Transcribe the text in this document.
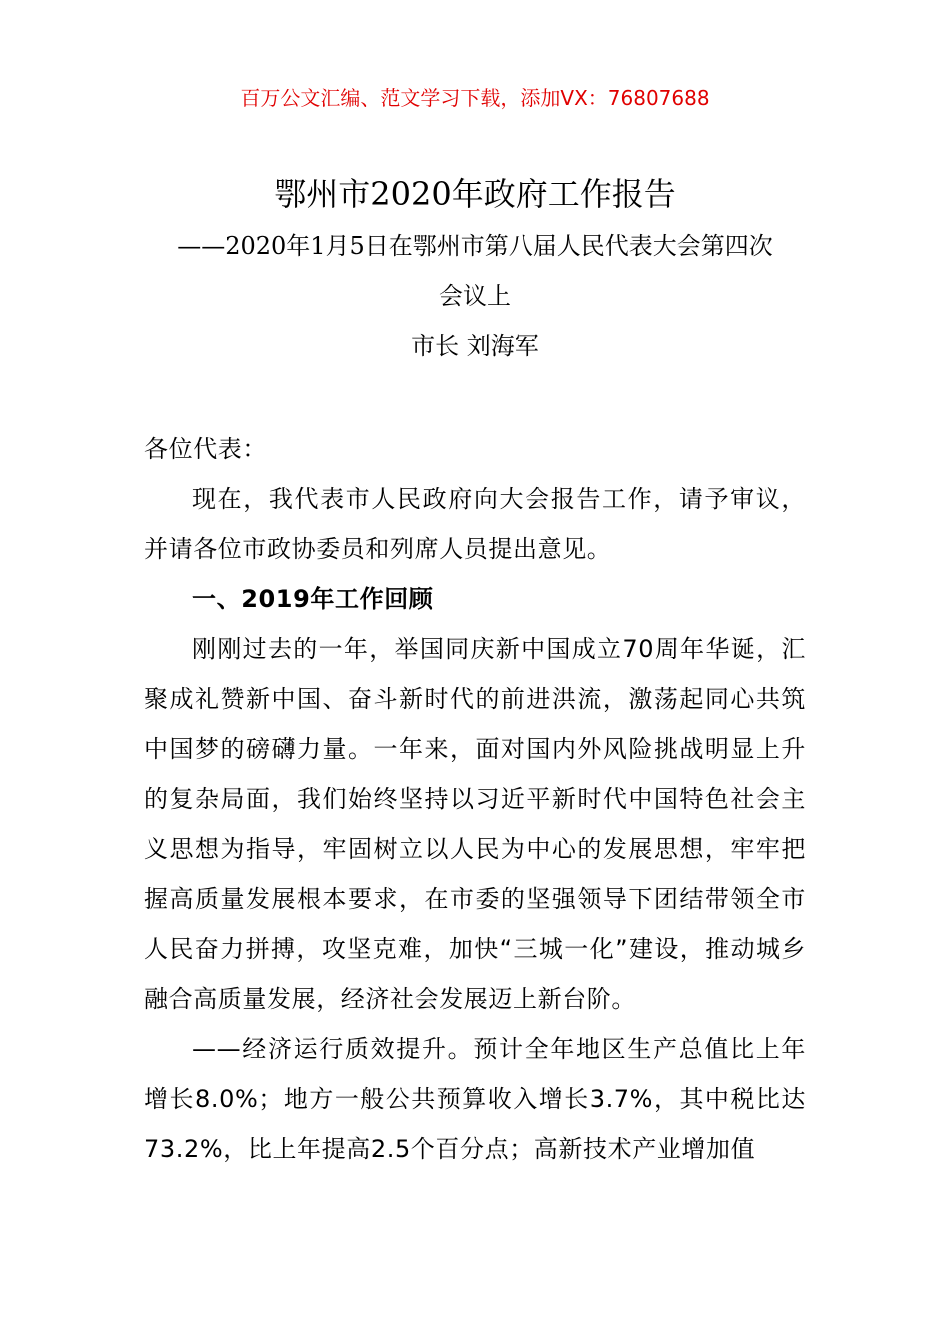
百万公文汇编、范文学习下载，添加VX：76807688
鄂州市2020年政府工作报告
——2020年1月5日在鄂州市第八届人民代表大会第四次
会议上
市长 刘海军

各位代表：

现在，我代表市人民政府向大会报告工作，请予审议，并请各位市政协委员和列席人员提出意见。

一、2019年工作回顾

刚刚过去的一年，举国同庆新中国成立70周年华诞，汇聚成礼赞新中国、奋斗新时代的前进洪流，激荡起同心共筑中国梦的磅礴力量。一年来，面对国内外风险挑战明显上升的复杂局面，我们始终坚持以习近平新时代中国特色社会主义思想为指导，牢固树立以人民为中心的发展思想，牢牢把握高质量发展根本要求，在市委的坚强领导下团结带领全市人民奋力拼搏，攻坚克难，加快“三城一化”建设，推动城乡融合高质量发展，经济社会发展迈上新台阶。

——经济运行质效提升。预计全年地区生产总值比上年增长8.0%；地方一般公共预算收入增长3.7%，其中税比达73.2%，比上年提高2.5个百分点；高新技术产业增加值
